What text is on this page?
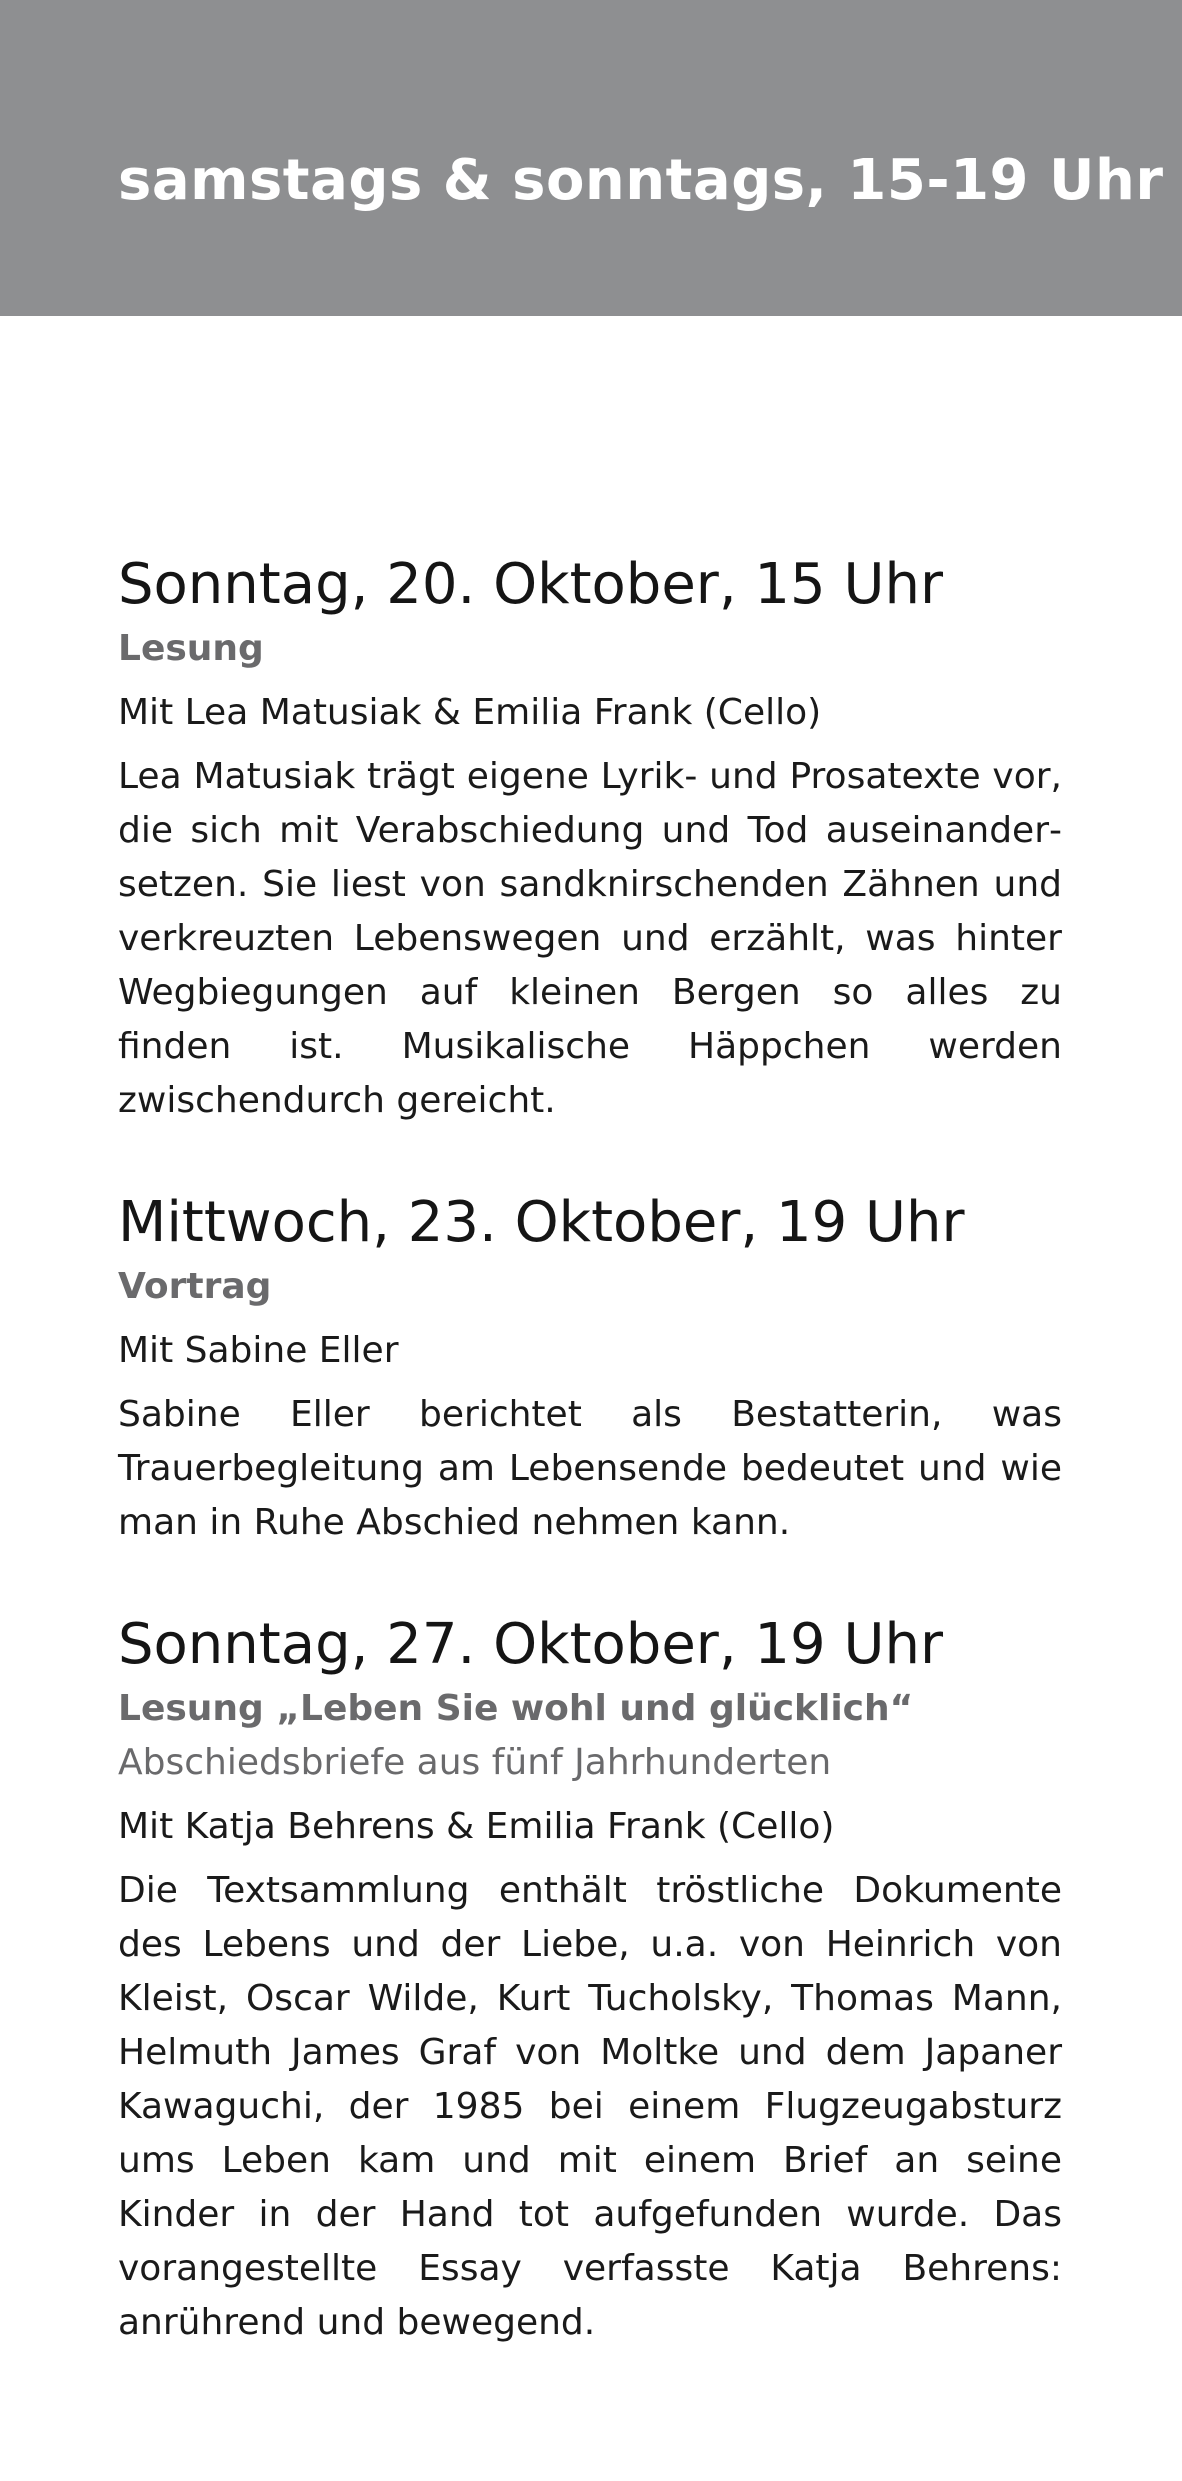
samstags & sonntags, 15-19 Uhr
Sonntag, 20. Oktober, 15 Uhr
Lesung
Mit Lea Matusiak & Emilia Frank (Cello)
Lea Matusiak trägt eigene Lyrik- und Prosatexte vor, die sich mit Verabschiedung und Tod auseinandersetzen. Sie liest von sandknirschenden Zähnen und verkreuzten Lebenswegen und erzählt, was hinter Wegbiegungen auf kleinen Bergen so alles zu finden ist. Musikalische Häppchen werden zwischendurch gereicht.
Mittwoch, 23. Oktober, 19 Uhr
Vortrag
Mit Sabine Eller
Sabine Eller berichtet als Bestatterin, was Trauerbegleitung am Lebensende bedeutet und wie man in Ruhe Abschied nehmen kann.
Sonntag, 27. Oktober, 19 Uhr
Lesung „Leben Sie wohl und glücklich“
Abschiedsbriefe aus fünf Jahrhunderten
Mit Katja Behrens & Emilia Frank (Cello)
Die Textsammlung enthält tröstliche Dokumente des Lebens und der Liebe, u.a. von Heinrich von Kleist, Oscar Wilde, Kurt Tucholsky, Thomas Mann, Helmuth James Graf von Moltke und dem Japaner Kawaguchi, der 1985 bei einem Flugzeugabsturz ums Leben kam und mit einem Brief an seine Kinder in der Hand tot aufgefunden wurde. Das vorangestellte Essay verfasste Katja Behrens: anrührend und bewegend.
